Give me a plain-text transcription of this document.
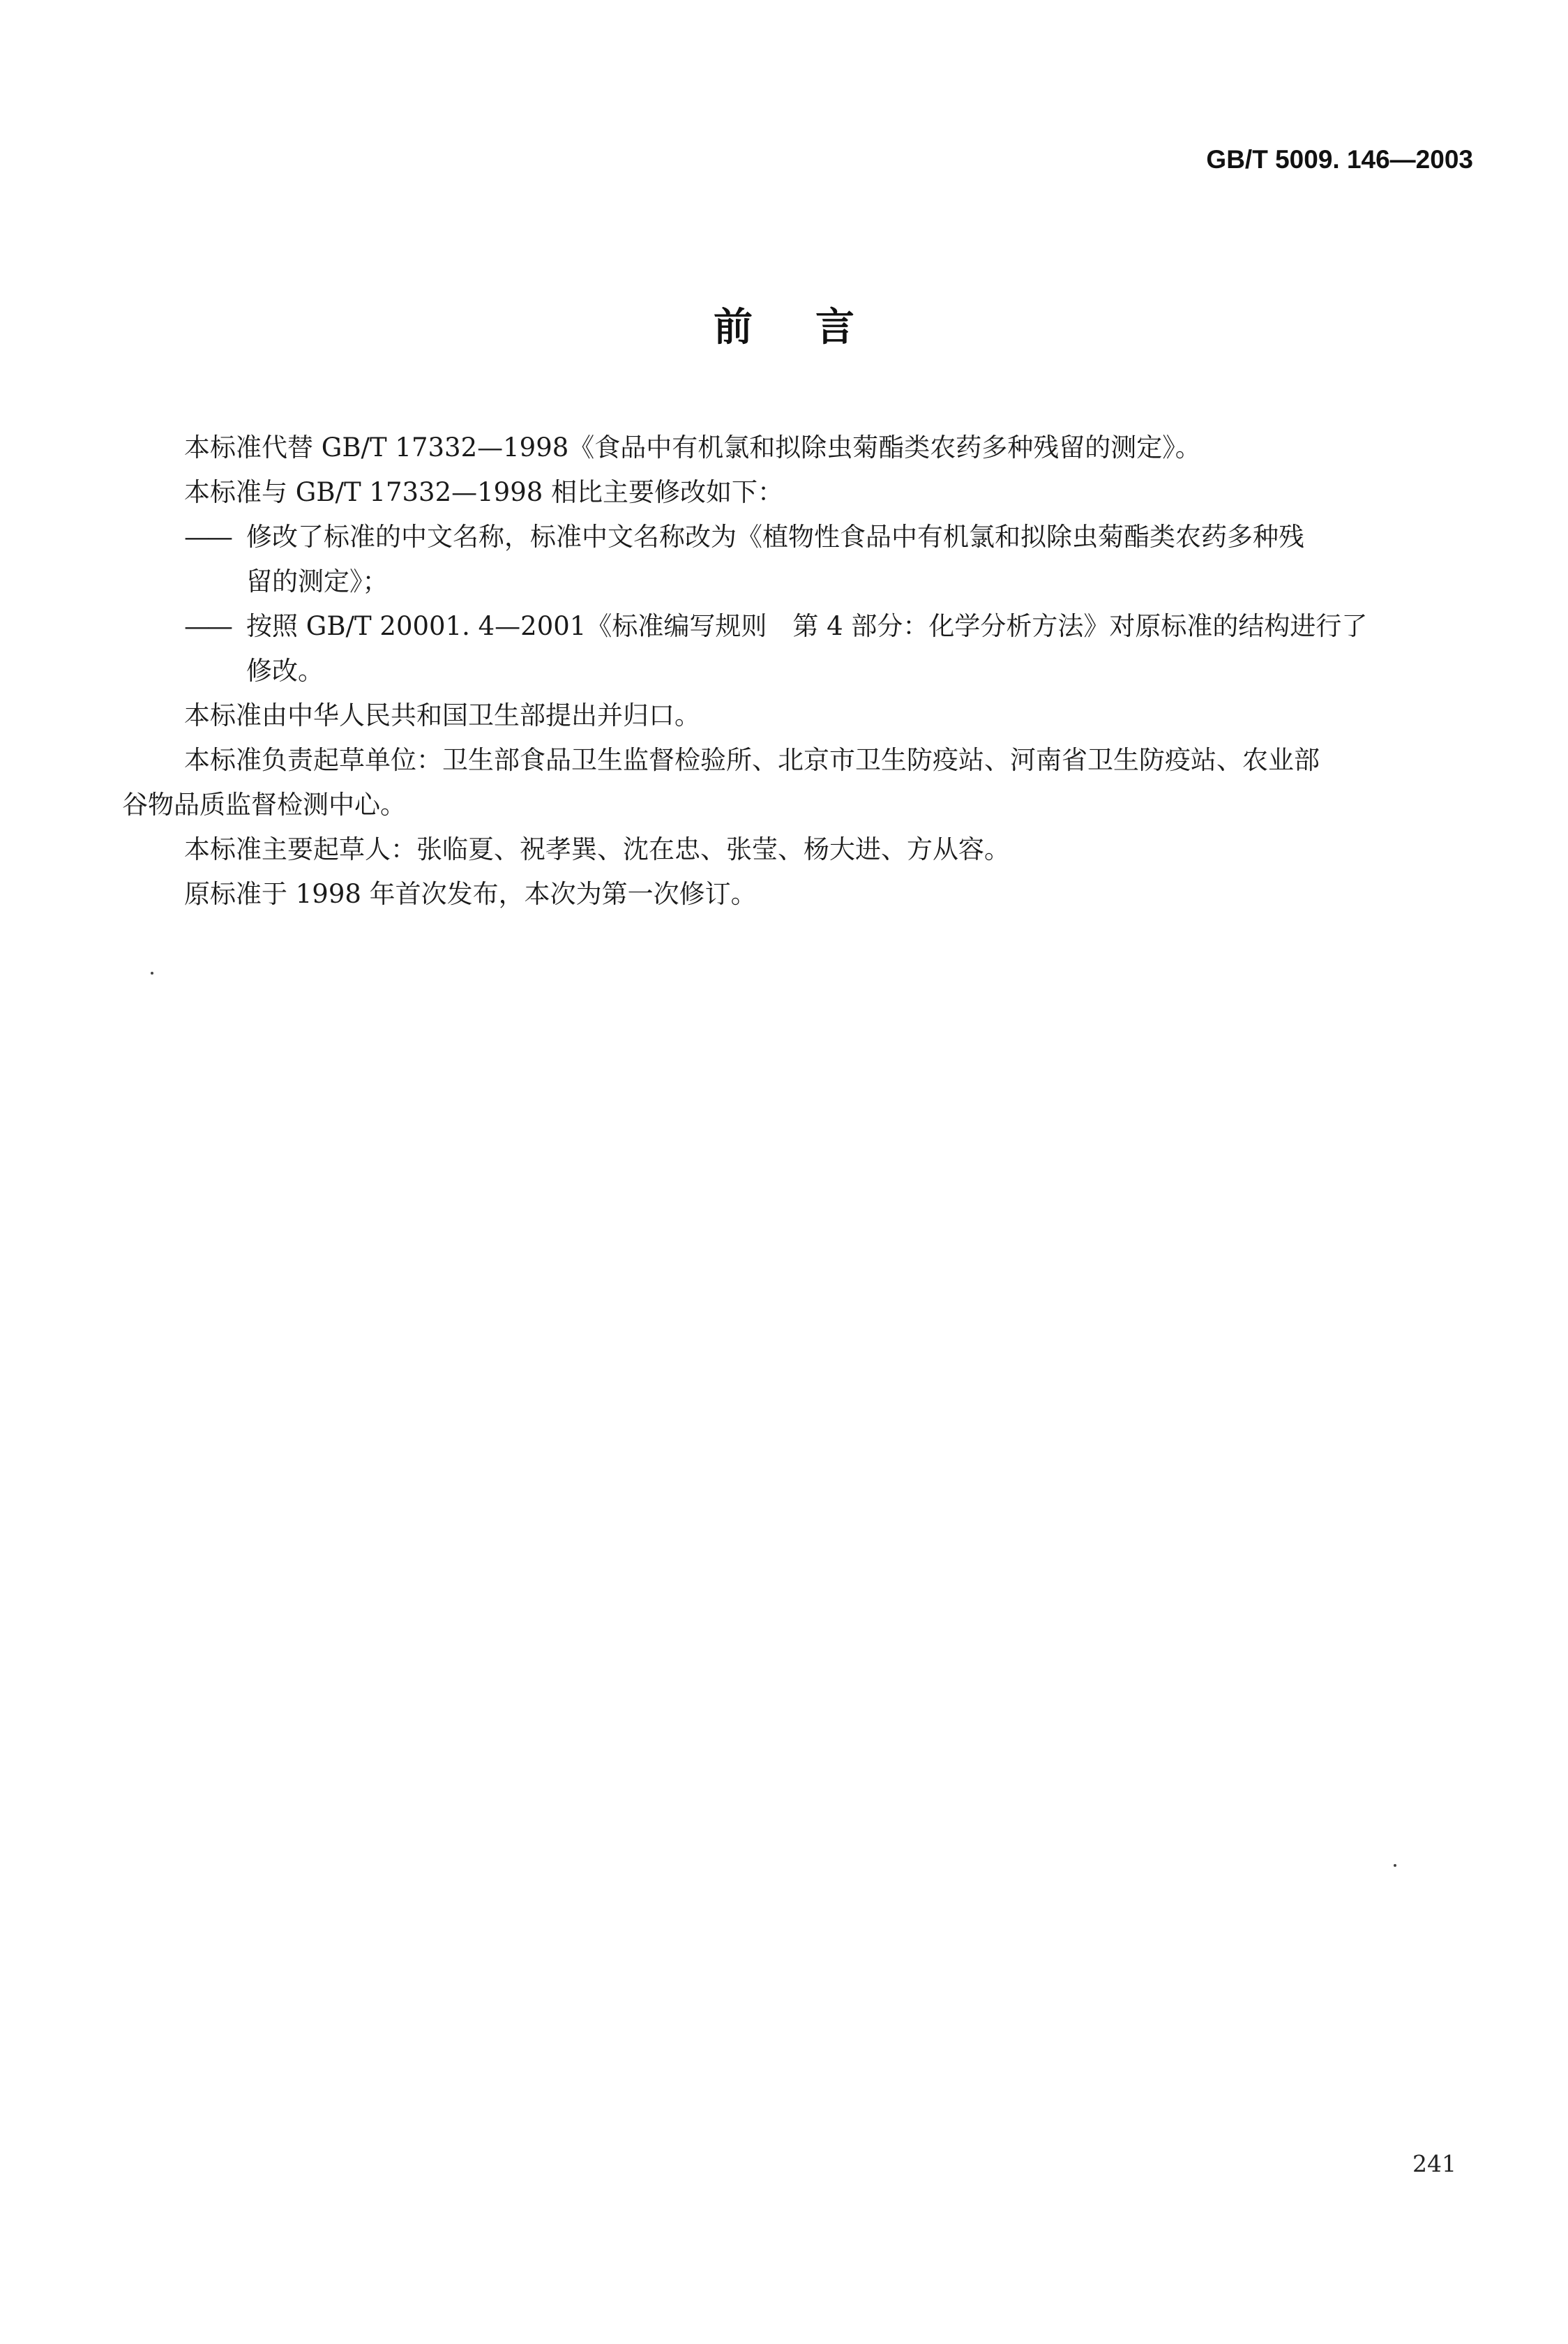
GB/T 5009. 146—2003
前言

本标准代替 GB/T 17332—1998《食品中有机氯和拟除虫菊酯类农药多种残留的测定》。

本标准与 GB/T 17332—1998 相比主要修改如下：

—— 修改了标准的中文名称，标准中文名称改为《植物性食品中有机氯和拟除虫菊酯类农药多种残
留的测定》；
—— 按照 GB/T 20001. 4—2001《标准编写规则　第 4 部分：化学分析方法》对原标准的结构进行了
修改。

本标准由中华人民共和国卫生部提出并归口。

本标准负责起草单位：卫生部食品卫生监督检验所、北京市卫生防疫站、河南省卫生防疫站、农业部
谷物品质监督检测中心。

本标准主要起草人：张临夏、祝孝巽、沈在忠、张莹、杨大进、方从容。

原标准于 1998 年首次发布，本次为第一次修订。

241
